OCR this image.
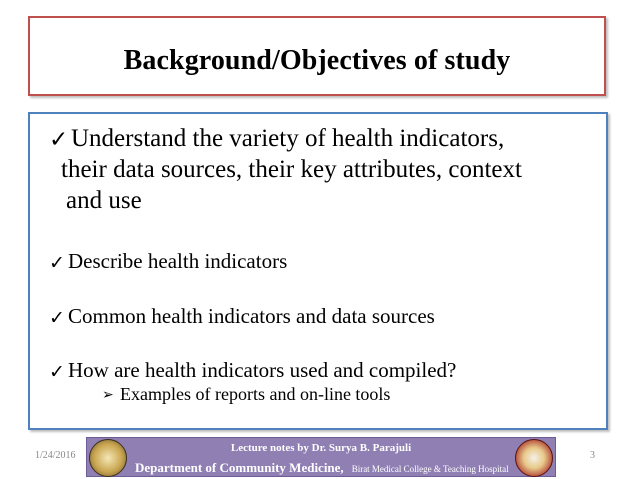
Background/Objectives of study
✓ Understand the variety of health indicators,
their data sources, their key attributes, context
and use
✓ Describe health indicators
✓ Common health indicators and data sources
✓ How are health indicators used and compiled?
➢ Examples of reports and on-line tools
1/24/2016
Lecture notes by Dr. Surya B. Parajuli
Department of Community Medicine, Birat Medical College & Teaching Hospital
3
